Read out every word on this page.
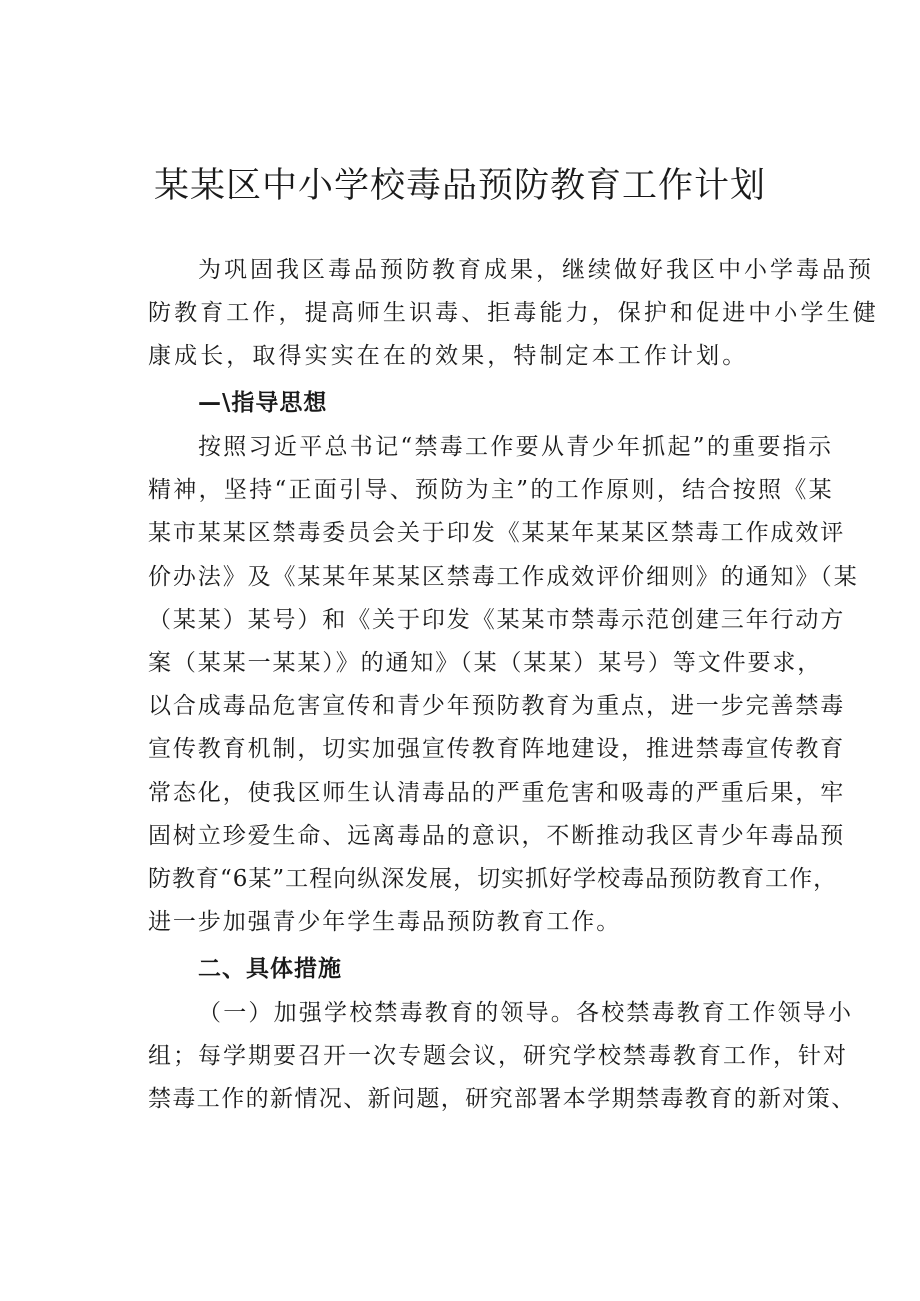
某某区中小学校毒品预防教育工作计划
为巩固我区毒品预防教育成果，继续做好我区中小学毒品预
防教育工作，提高师生识毒、拒毒能力，保护和促进中小学生健
康成长，取得实实在在的效果，特制定本工作计划。
—\指导思想
按照习近平总书记“禁毒工作要从青少年抓起”的重要指示
精神，坚持“正面引导、预防为主”的工作原则，结合按照《某
某市某某区禁毒委员会关于印发《某某年某某区禁毒工作成效评
价办法》及《某某年某某区禁毒工作成效评价细则》的通知》（某
（某某）某号）和《关于印发《某某市禁毒示范创建三年行动方
案（某某一某某）》的通知》（某（某某）某号）等文件要求，
以合成毒品危害宣传和青少年预防教育为重点，进一步完善禁毒
宣传教育机制，切实加强宣传教育阵地建设，推进禁毒宣传教育
常态化，使我区师生认清毒品的严重危害和吸毒的严重后果，牢
固树立珍爱生命、远离毒品的意识，不断推动我区青少年毒品预
防教育“6某”工程向纵深发展，切实抓好学校毒品预防教育工作，
进一步加强青少年学生毒品预防教育工作。
二、具体措施
（一）加强学校禁毒教育的领导。各校禁毒教育工作领导小
组；每学期要召开一次专题会议，研究学校禁毒教育工作，针对
禁毒工作的新情况、新问题，研究部署本学期禁毒教育的新对策、
